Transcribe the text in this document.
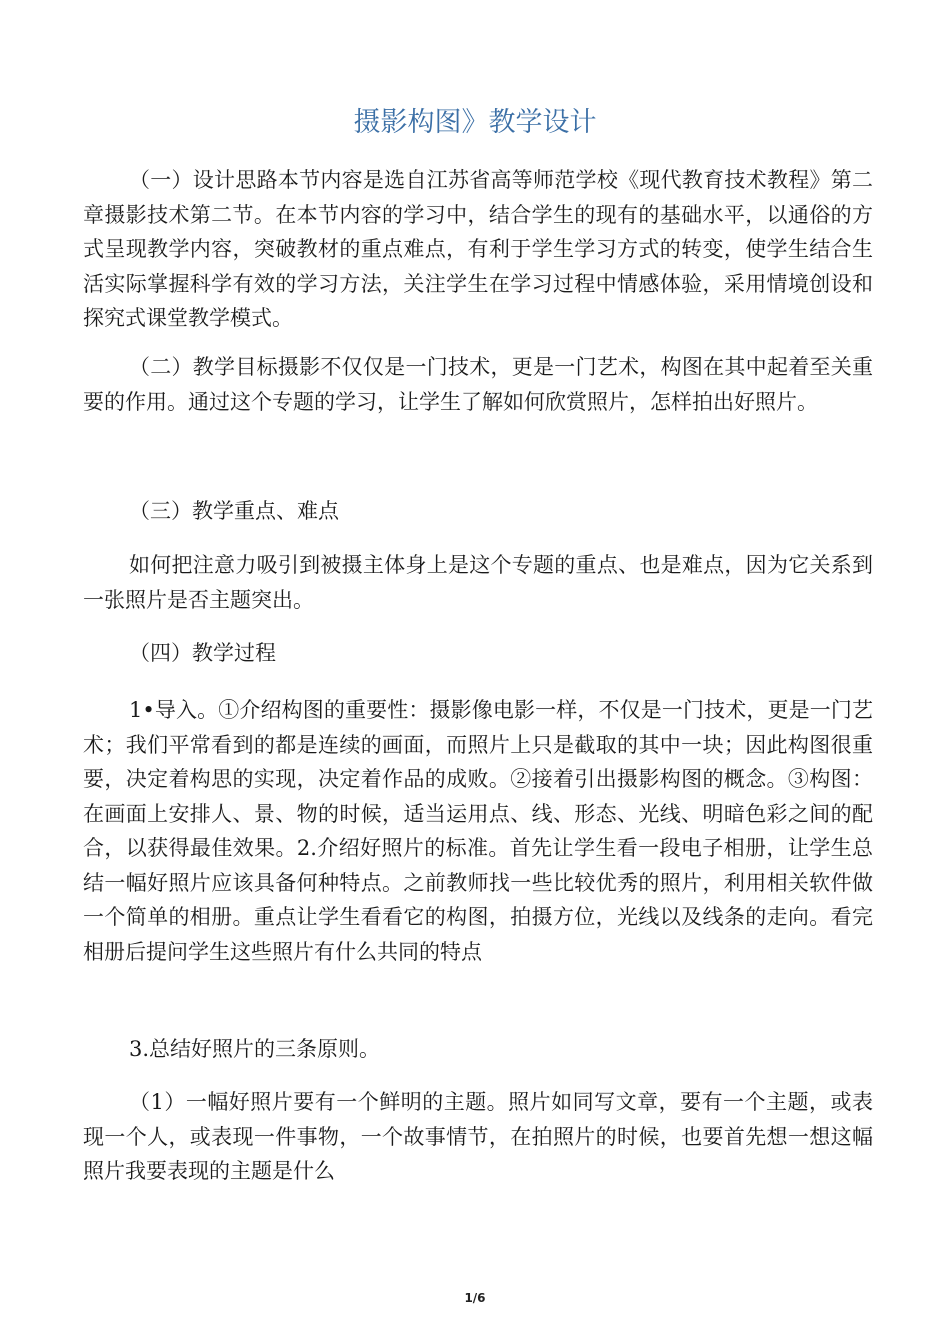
摄影构图》教学设计

（一）设计思路本节内容是选自江苏省高等师范学校《现代教育技术教程》第二章摄影技术第二节。在本节内容的学习中，结合学生的现有的基础水平，以通俗的方式呈现教学内容，突破教材的重点难点，有利于学生学习方式的转变，使学生结合生活实际掌握科学有效的学习方法，关注学生在学习过程中情感体验，采用情境创设和探究式课堂教学模式。

（二）教学目标摄影不仅仅是一门技术，更是一门艺术，构图在其中起着至关重要的作用。通过这个专题的学习，让学生了解如何欣赏照片，怎样拍出好照片。

（三）教学重点、难点

如何把注意力吸引到被摄主体身上是这个专题的重点、也是难点，因为它关系到一张照片是否主题突出。

（四）教学过程

1•导入。①介绍构图的重要性：摄影像电影一样，不仅是一门技术，更是一门艺术；我们平常看到的都是连续的画面，而照片上只是截取的其中一块；因此构图很重要，决定着构思的实现，决定着作品的成败。②接着引出摄影构图的概念。③构图：在画面上安排人、景、物的时候，适当运用点、线、形态、光线、明暗色彩之间的配合，以获得最佳效果。2.介绍好照片的标准。首先让学生看一段电子相册，让学生总结一幅好照片应该具备何种特点。之前教师找一些比较优秀的照片，利用相关软件做一个简单的相册。重点让学生看看它的构图，拍摄方位，光线以及线条的走向。看完相册后提问学生这些照片有什么共同的特点

3.总结好照片的三条原则。

（1）一幅好照片要有一个鲜明的主题。照片如同写文章，要有一个主题，或表现一个人，或表现一件事物，一个故事情节，在拍照片的时候，也要首先想一想这幅照片我要表现的主题是什么

1/6
